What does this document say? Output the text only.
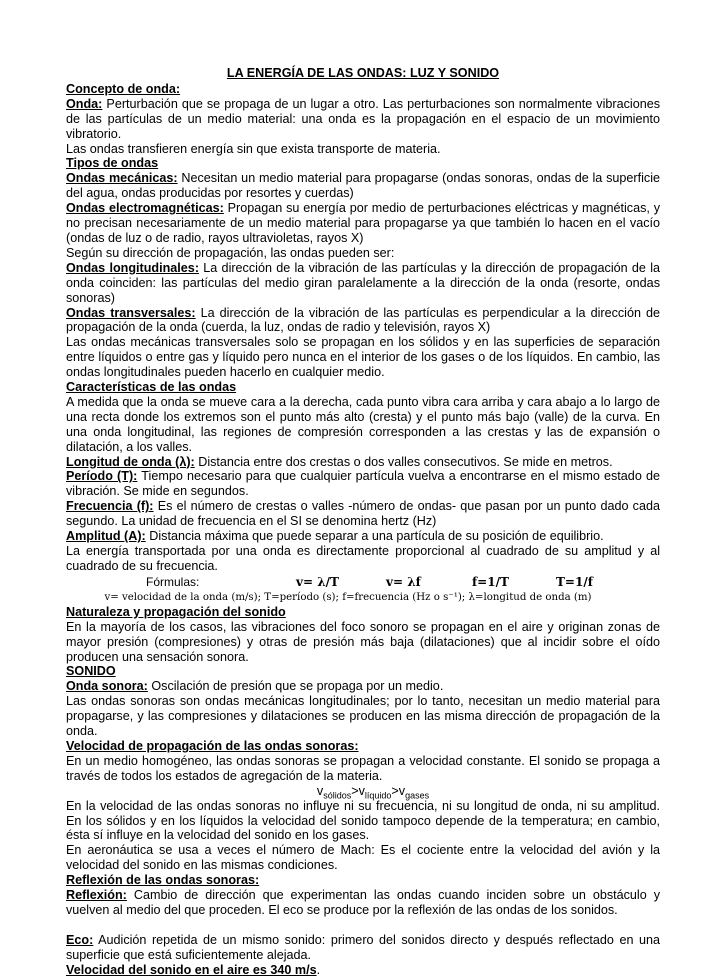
LA ENERGÍA DE LAS ONDAS: LUZ Y SONIDO
Concepto de onda:

Onda: Perturbación que se propaga de un lugar a otro. Las perturbaciones son normalmente vibraciones de las partículas de un medio material: una onda es la propagación en el espacio de un movimiento vibratorio.

Las ondas transfieren energía sin que exista transporte de materia.

Tipos de ondas

Ondas mecánicas: Necesitan un medio material para propagarse (ondas sonoras, ondas de la superficie del agua, ondas producidas por resortes y cuerdas)

Ondas electromagnéticas: Propagan su energía por medio de perturbaciones eléctricas y magnéticas, y no precisan necesariamente de un medio material para propagarse ya que también lo hacen en el vacío (ondas de luz o de radio, rayos ultravioletas, rayos X)

Según su dirección de propagación, las ondas pueden ser:

Ondas longitudinales: La dirección de la vibración de las partículas y la dirección de propagación de la onda coinciden: las partículas del medio giran paralelamente a la dirección de la onda (resorte, ondas sonoras)

Ondas transversales: La dirección de la vibración de las partículas es perpendicular a la dirección de propagación de la onda (cuerda, la luz, ondas de radio y televisión, rayos X)

Las ondas mecánicas transversales solo se propagan en los sólidos y en las superficies de separación entre líquidos o entre gas y líquido pero nunca en el interior de los gases o de los líquidos. En cambio, las ondas longitudinales pueden hacerlo en cualquier medio.

Características de las ondas

A medida que la onda se mueve cara a la derecha, cada punto vibra cara arriba y cara abajo a lo largo de una recta donde los extremos son el punto más alto (cresta) y el punto más bajo (valle) de la curva. En una onda longitudinal, las regiones de compresión corresponden a las crestas y las de expansión o dilatación, a los valles.

Longitud de onda (λ): Distancia entre dos crestas o dos valles consecutivos. Se mide en metros.

Período (T): Tiempo necesario para que cualquier partícula vuelva a encontrarse en el mismo estado de vibración. Se mide en segundos.

Frecuencia (f): Es el número de crestas o valles -número de ondas- que pasan por un punto dado cada segundo. La unidad de frecuencia en el SI se denomina hertz (Hz)

Amplitud (A): Distancia máxima que puede separar a una partícula de su posición de equilibrio.

La energía transportada por una onda es directamente proporcional al cuadrado de su amplitud y al cuadrado de su frecuencia.

Fórmulas:	v= λ/T	v= λf	f=1/T	T=1/f
v= velocidad de la onda (m/s); T=período (s); f=frecuencia (Hz o s⁻¹); λ=longitud de onda (m)
Naturaleza y propagación del sonido

En la mayoría de los casos, las vibraciones del foco sonoro se propagan en el aire y originan zonas de mayor presión (compresiones) y otras de presión más baja (dilataciones) que al incidir sobre el oído producen una sensación sonora.

SONIDO

Onda sonora: Oscilación de presión que se propaga por un medio.

Las ondas sonoras son ondas mecánicas longitudinales; por lo tanto, necesitan un medio material para propagarse, y las compresiones y dilataciones se producen en las misma dirección de propagación de la onda.

Velocidad de propagación de las ondas sonoras:

En un medio homogéneo, las ondas sonoras se propagan a velocidad constante. El sonido se propaga a través de todos los estados de agregación de la materia.

$v_{sólidos}>v_{líquido}>v_{gases}$

En la velocidad de las ondas sonoras no influye ni su frecuencia, ni su longitud de onda, ni su amplitud. En los sólidos y en los líquidos la velocidad del sonido tampoco depende de la temperatura; en cambio, ésta sí influye en la velocidad del sonido en los gases.

En aeronáutica se usa a veces el número de Mach: Es el cociente entre la velocidad del avión y la velocidad del sonido en las mismas condiciones.

Reflexión de las ondas sonoras:

Reflexión: Cambio de dirección que experimentan las ondas cuando inciden sobre un obstáculo y vuelven al medio del que proceden. El eco se produce por la reflexión de las ondas de los sonidos.

Eco: Audición repetida de un mismo sonido: primero del sonidos directo y después reflectado en una superficie que está suficientemente alejada.

Velocidad del sonido en el aire es 340 m/s.
